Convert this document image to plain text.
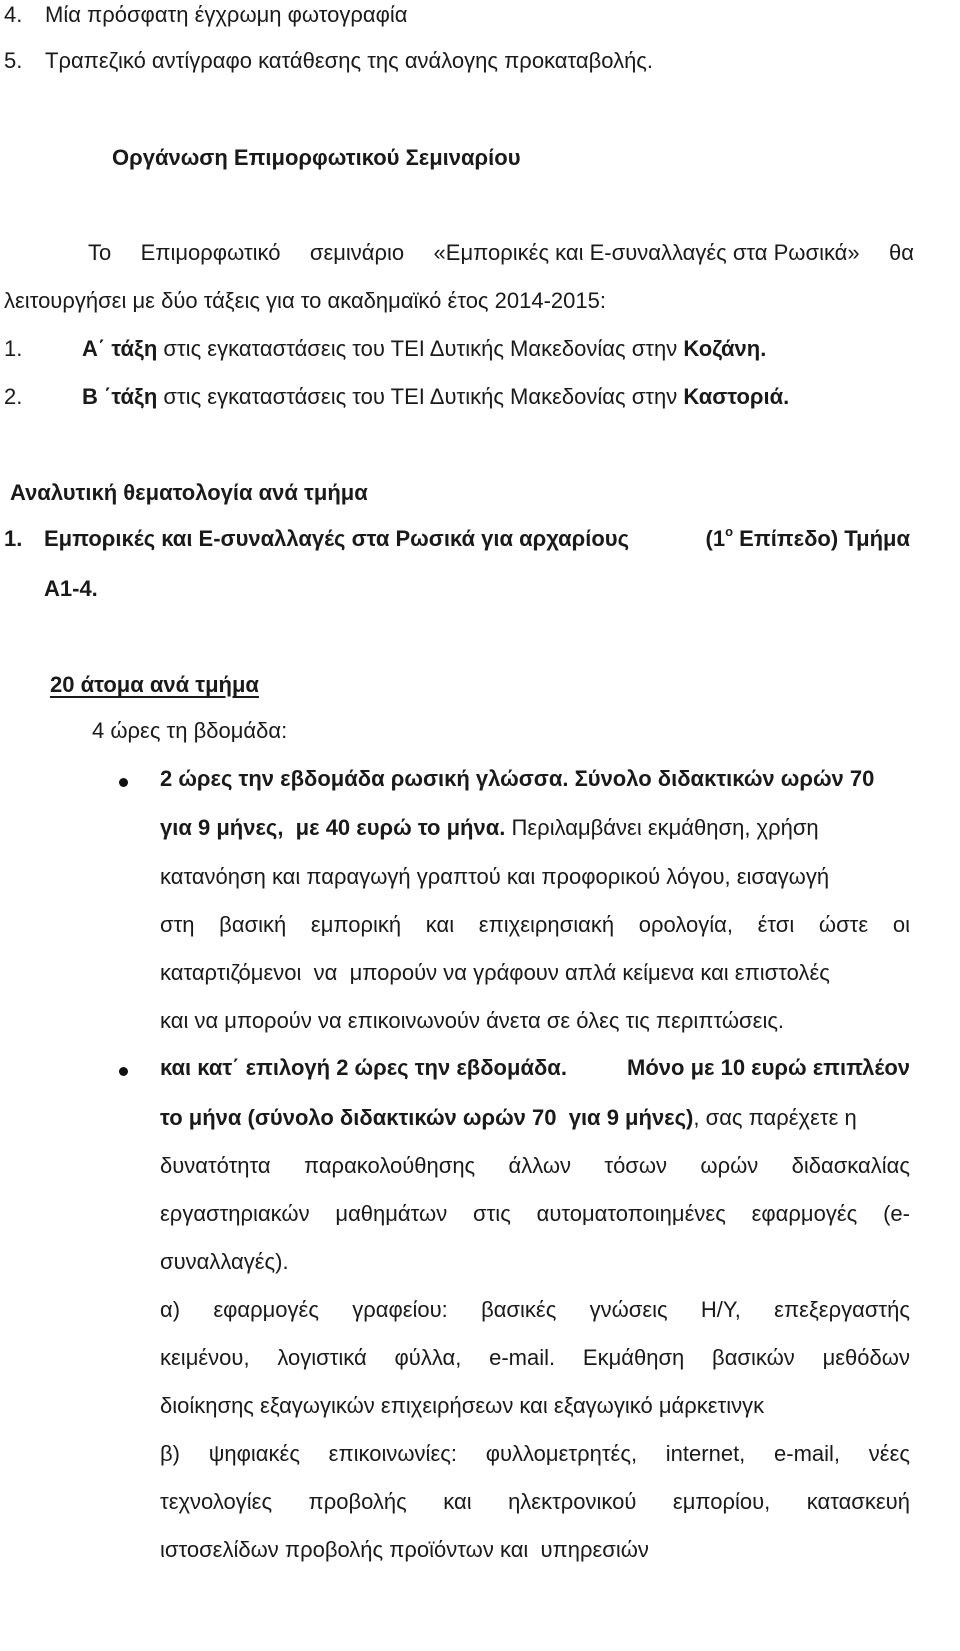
4. Μία πρόσφατη έγχρωμη φωτογραφία
5. Τραπεζικό αντίγραφο κατάθεσης της ανάλογης προκαταβολής.
Οργάνωση Επιμορφωτικού Σεμιναρίου
Το Επιμορφωτικό σεμινάριο «Εμπορικές και Ε-συναλλαγές στα Ρωσικά» θα
λειτουργήσει με δύο τάξεις για το ακαδημαϊκό έτος 2014-2015:
1.	Α΄ τάξη στις εγκαταστάσεις του ΤΕΙ Δυτικής Μακεδονίας στην Κοζάνη.
2.	Β ΄τάξη στις εγκαταστάσεις του ΤΕΙ Δυτικής Μακεδονίας στην Καστοριά.
Αναλυτική θεματολογία ανά τμήμα
1. Εμπορικές και Ε-συναλλαγές στα Ρωσικά για αρχαρίους	($1^o$ Επίπεδο) Τμήμα
Α1-4.
20 άτομα ανά τμήμα
4 ώρες τη βδομάδα:
2 ώρες την εβδομάδα ρωσική γλώσσα. Σύνολο διδακτικών ωρών 70
για 9 μήνες,  με 40 ευρώ το μήνα. Περιλαμβάνει εκμάθηση, χρήση
κατανόηση και παραγωγή γραπτού και προφορικού λόγου, εισαγωγή
στη βασική εμπορική και επιχειρησιακή ορολογία, έτσι ώστε οι
καταρτιζόμενοι  να  μπορούν να γράφουν απλά κείμενα και επιστολές
και να μπορούν να επικοινωνούν άνετα σε όλες τις περιπτώσεις.
και κατ΄ επιλογή 2 ώρες την εβδομάδα.	Μόνο με 10 ευρώ επιπλέον
το μήνα (σύνολο διδακτικών ωρών 70  για 9 μήνες), σας παρέχετε η
δυνατότητα παρακολούθησης άλλων τόσων ωρών διδασκαλίας
εργαστηριακών μαθημάτων στις αυτοματοποιημένες εφαρμογές (e-
συναλλαγές).
α) εφαρμογές γραφείου: βασικές γνώσεις Η/Υ, επεξεργαστής
κειμένου, λογιστικά φύλλα, e-mail. Εκμάθηση βασικών μεθόδων
διοίκησης εξαγωγικών επιχειρήσεων και εξαγωγικό μάρκετινγκ
β) ψηφιακές επικοινωνίες: φυλλομετρητές, internet, e-mail, νέες
τεχνολογίες προβολής και ηλεκτρονικού εμπορίου, κατασκευή
ιστοσελίδων προβολής προϊόντων και  υπηρεσιών
